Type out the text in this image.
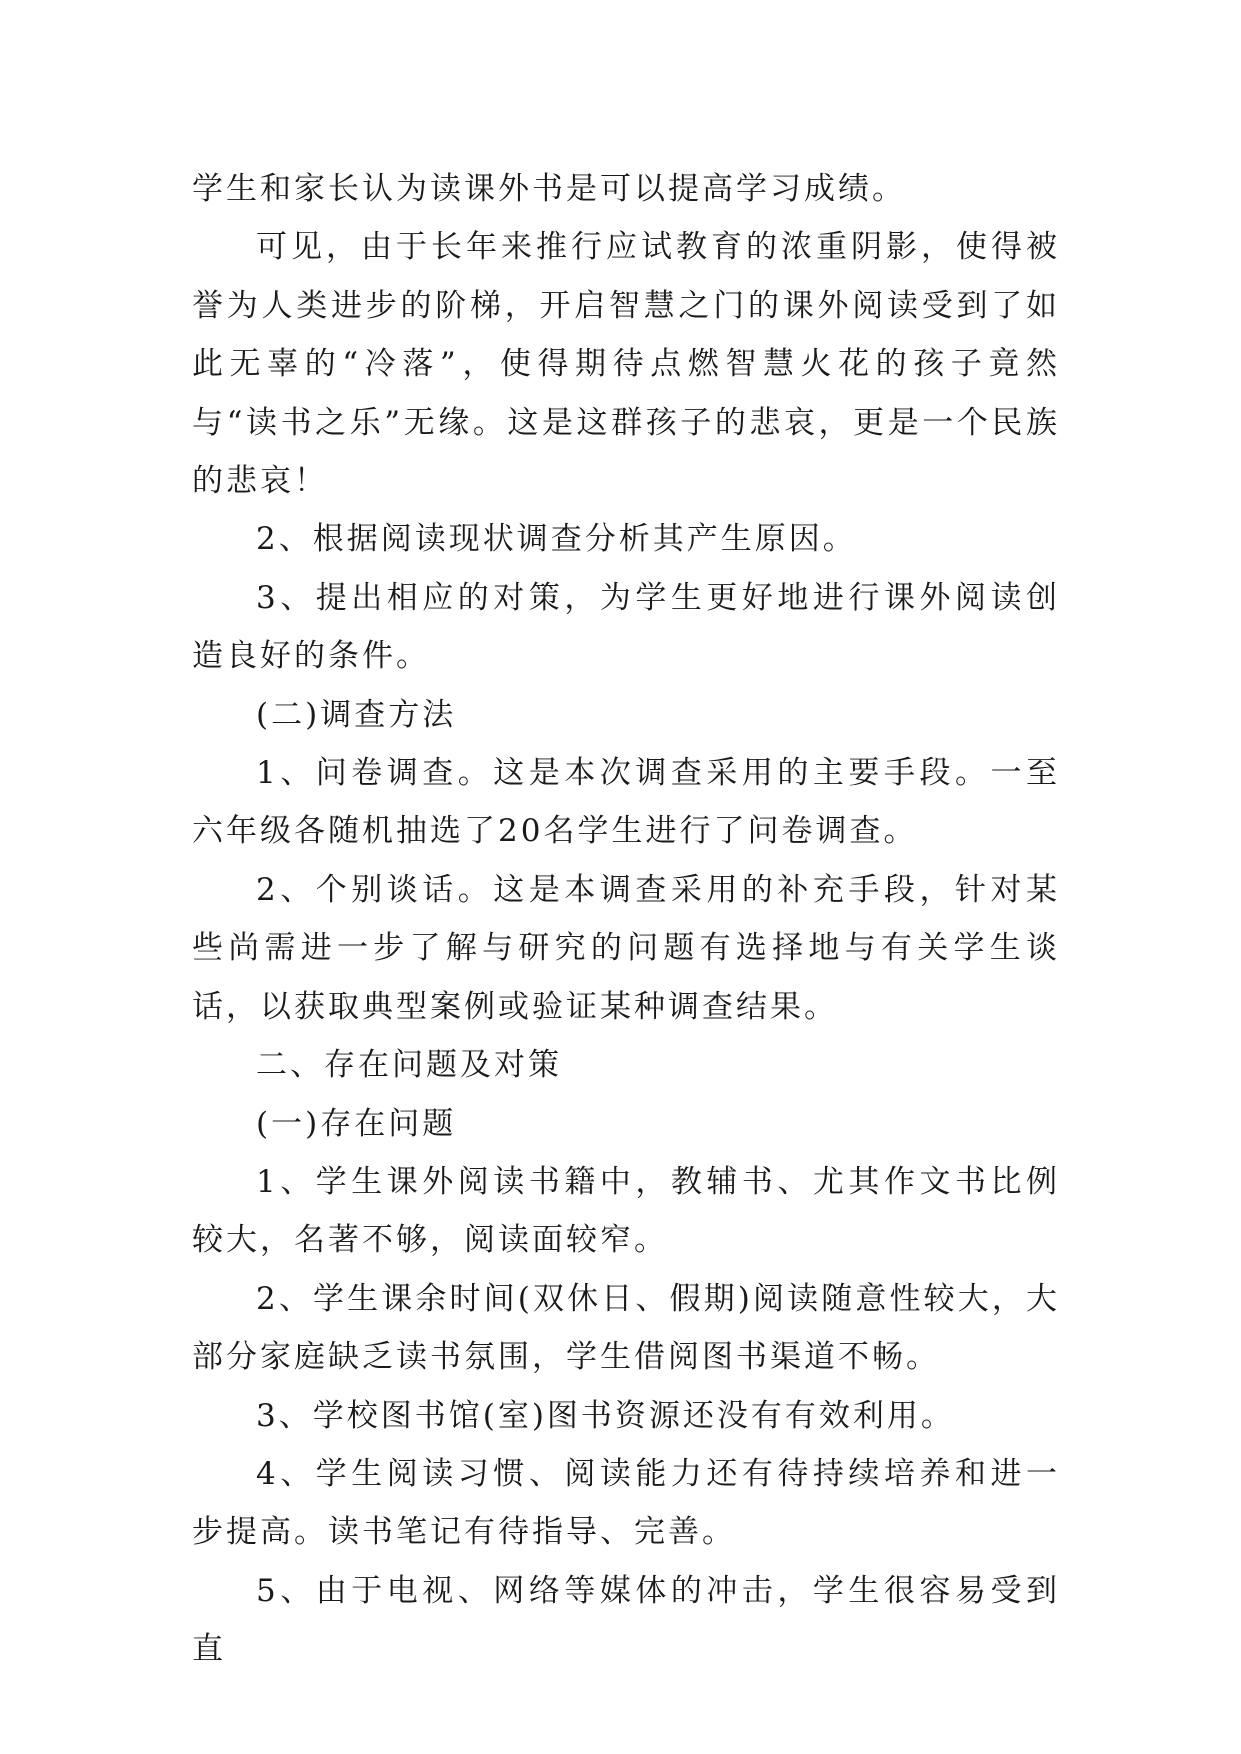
学生和家长认为读课外书是可以提高学习成绩。

可见，由于长年来推行应试教育的浓重阴影，使得被誉为人类进步的阶梯，开启智慧之门的课外阅读受到了如此无辜的“冷落”，使得期待点燃智慧火花的孩子竟然与“读书之乐”无缘。这是这群孩子的悲哀，更是一个民族的悲哀！

2、根据阅读现状调查分析其产生原因。

3、提出相应的对策，为学生更好地进行课外阅读创造良好的条件。

(二)调查方法

1、问卷调查。这是本次调查采用的主要手段。一至六年级各随机抽选了20名学生进行了问卷调查。

2、个别谈话。这是本调查采用的补充手段，针对某些尚需进一步了解与研究的问题有选择地与有关学生谈话，以获取典型案例或验证某种调查结果。

二、存在问题及对策

(一)存在问题

1、学生课外阅读书籍中，教辅书、尤其作文书比例较大，名著不够，阅读面较窄。

2、学生课余时间(双休日、假期)阅读随意性较大，大部分家庭缺乏读书氛围，学生借阅图书渠道不畅。

3、学校图书馆(室)图书资源还没有有效利用。

4、学生阅读习惯、阅读能力还有待持续培养和进一步提高。读书笔记有待指导、完善。

5、由于电视、网络等媒体的冲击，学生很容易受到直
